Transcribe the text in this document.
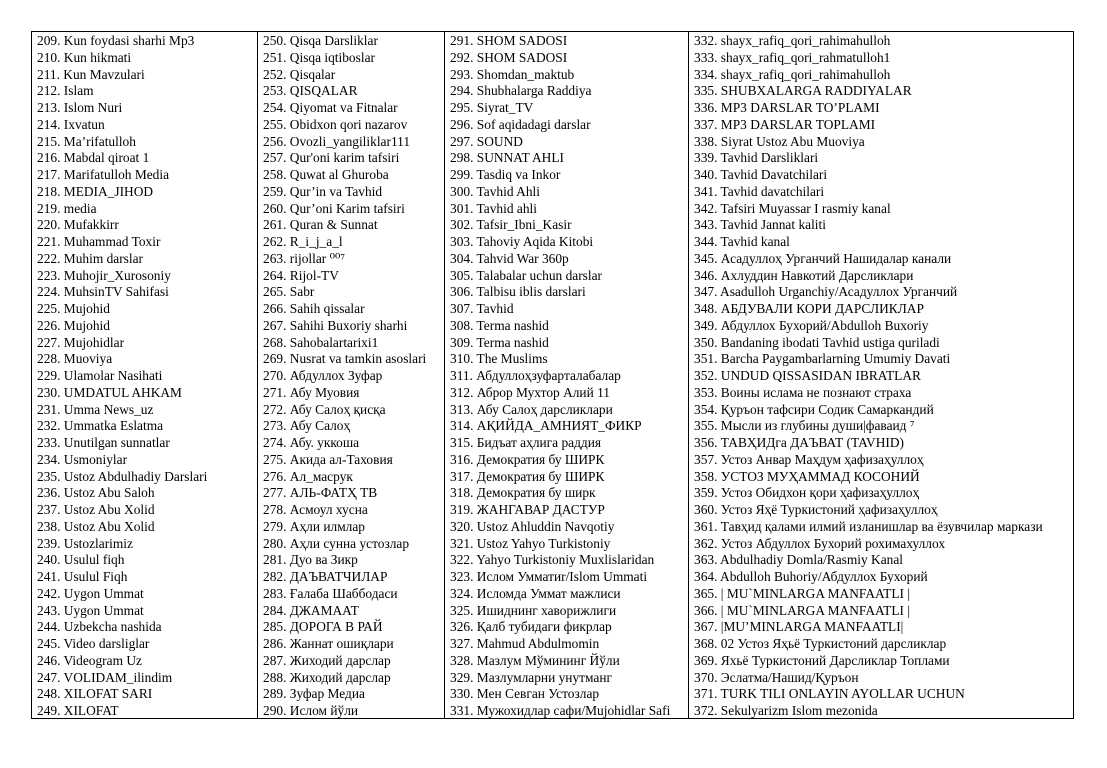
209. Kun foydasi sharhi Mp3
210. Kun hikmati
211. Kun Mavzulari
212. Islam
213. Islom Nuri
214. Ixvatun
215. Ma’rifatulloh
216. Mabdal qiroat 1
217. Marifatulloh Media
218. MEDIA_JIHOD
219. media
220. Mufakkirr
221. Muhammad Toxir
222. Muhim darslar
223. Muhojir_Xurosoniy
224. MuhsinTV Sahifasi
225. Mujohid
226. Mujohid
227. Mujohidlar
228. Muoviya
229. Ulamolar Nasihati
230. UMDATUL AHKAM
231. Umma News_uz
232. Ummatka Eslatma
233. Unutilgan sunnatlar
234. Usmoniylar
235. Ustoz Abdulhadiy Darslari
236. Ustoz Abu Saloh
237. Ustoz Abu Xolid
238. Ustoz Abu Xolid
239. Ustozlarimiz
240. Usulul fiqh
241. Usulul Fiqh
242. Uygon Ummat
243. Uygon Ummat
244. Uzbekcha nashida
245. Video darsliglar
246. Videogram Uz
247. VOLIDAM_ilindim
248. XILOFAT SARI
249. XILOFAT
250. Qisqa Darsliklar
251. Qisqa iqtiboslar
252. Qisqalar
253. QISQALAR
254. Qiyomat va Fitnalar
255. Obidxon qori nazarov
256. Ovozli_yangiliklar111
257. Qur'oni karim tafsiri
258. Quwat al Ghuroba
259. Qur’in va Tavhid
260. Qur’oni Karim tafsiri
261. Quran & Sunnat
262. R_i_j_a_l
263. rijollar ⁰⁰⁷
264. Rijol-TV
265. Sabr
266. Sahih qissalar
267. Sahihi Buxoriy sharhi
268. Sahobalartarixi1
269. Nusrat va tamkin asoslari
270. Абдуллох Зуфар
271. Абу Муовия
272. Абу Салоҳ қисқа
273. Абу Салоҳ
274. Абу. уккоша
275. Акида ал-Таховия
276. Ал_масрук
277. АЛЬ-ФАТҲ ТВ
278. Асмоул хусна
279. Аҳли илмлар
280. Аҳли сунна устозлар
281. Дуо ва Зикр
282. ДАЪВАТЧИЛАР
283. Ғалаба Шаббодаси
284. ДЖАМААТ
285. ДОРОГА В РАЙ
286. Жаннат ошиқлари
287. Жиходий дарслар
288. Жиходий дарслар
289. Зуфар Медиа
290. Ислом йўли
291. SHOM SADOSI
292. SHOM SADOSI
293. Shomdan_maktub
294. Shubhalarga Raddiya
295. Siyrat_TV
296. Sof aqidadagi darslar
297. SOUND
298. SUNNAT AHLI
299. Tasdiq va Inkor
300. Tavhid Ahli
301. Tavhid ahli
302. Tafsir_Ibni_Kasir
303. Tahoviy Aqida Kitobi
304. Tahvid War 360p
305. Talabalar uchun darslar
306. Talbisu iblis darslari
307. Tavhid
308. Terma nashid
309. Terma nashid
310. The Muslims
311. Абдуллоҳзуфарталабалар
312. Аброр Мухтор Алий 11
313. Абу Салоҳ дарсликлари
314. АҚИЙДА_АМНИЯТ_ФИКР
315. Бидъат аҳлига раддия
316. Демократия бу ШИРК
317. Демократия бу ШИРК
318. Демократия бу ширк
319. ЖАНГАВАР ДАСТУР
320. Ustoz Ahluddin Navqotiy
321. Ustoz Yahyo Turkistoniy
322. Yahyo Turkistoniy Muxlislaridan
323. Ислом Умматиr/Islom Ummati
324. Исломда Уммат мажлиси
325. Ишиднинг хаворижлиги
326. Қалб тубидаги фикрлар
327. Mahmud Abdulmomin
328. Мазлум Мўмининг Йўли
329. Мазлумларни унутманг
330. Мен Севган Устозлар
331. Мужохидлар сафи/Mujohidlar Safi
332. shayx_rafiq_qori_rahimahulloh
333. shayx_rafiq_qori_rahmatulloh1
334. shayx_rafiq_qori_rahimahulloh
335. SHUBXALARGA RADDIYALAR
336. MP3 DARSLAR TO’PLAMI
337. MP3 DARSLAR TOPLAMI
338. Siyrat Ustoz Abu Muoviya
339. Tavhid Darsliklari
340. Tavhid Davatchilari
341. Tavhid davatchilari
342. Tafsiri Muyassar I rasmiy kanal
343. Tavhid Jannat kaliti
344. Tavhid kanal
345. Асадуллоҳ Урганчий Нашидалар канали
346. Ахлуддин Навкотий Дарсликлари
347. Asadulloh Urganchiy/Асадуллох Урганчий
348. АБДУВАЛИ КОРИ ДАРСЛИКЛАР
349. Абдуллох Бухорий/Abdulloh Buxoriy
350. Bandaning ibodati Tavhid ustiga quriladi
351. Barcha Paygambarlarning Umumiy Davati
352. UNDUD QISSASIDAN IBRATLAR
353. Воины ислама не познают страха
354. Қуръон тафсири Содик Самаркандий
355. Мысли из глубины души|фаваид ⁷
356. ТАВҲИДга ДАЪВАТ (TAVHID)
357. Устоз Анвар Маҳдум ҳафизаҳуллоҳ
358. УСТОЗ МУҲАММАД КОСОНИЙ
359. Устоз Обидхон қори ҳафизаҳуллоҳ
360. Устоз Яҳё Туркистоний ҳафизаҳуллоҳ
361. Тавҳид қалами илмий изланишлар ва ёзувчилар маркази
362. Устоз Абдуллох Бухорий рохимахуллох
363. Abdulhadiy Domla/Rasmiy Kanal
364. Abdulloh Buhoriy/Абдуллох Бухорий
365. | MU`MINLARGA MANFAATLI |
366. | MU`MINLARGA MANFAATLI |
367. |MU’MINLARGA MANFAATLI|
368. 02 Устоз Яҳьё Туркистоний дарсликлар
369. Яхьё Туркистоний Дарсликлар Топлами
370. Эслатма/Нашид/Қуръон
371. TURK TILI ONLAYIN AYOLLAR UCHUN
372. Sekulyarizm Islom mezonida
